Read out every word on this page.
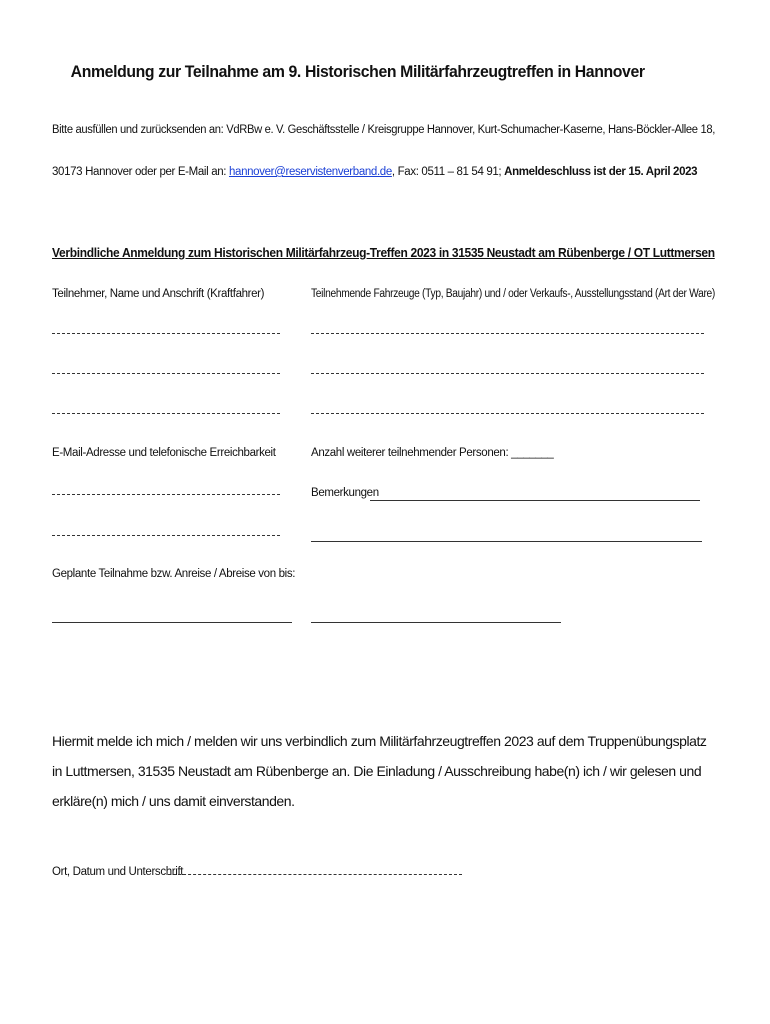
Anmeldung zur Teilnahme am 9. Historischen Militärfahrzeugtreffen in Hannover
Bitte ausfüllen und zurücksenden an: VdRBw e. V. Geschäftsstelle / Kreisgruppe Hannover, Kurt-Schumacher-Kaserne, Hans-Böckler-Allee 18,
30173 Hannover oder per E-Mail an: hannover@reservistenverband.de, Fax: 0511 – 81 54 91; Anmeldeschluss ist der 15. April 2023
Verbindliche Anmeldung zum Historischen Militärfahrzeug-Treffen 2023 in 31535 Neustadt am Rübenberge / OT Luttmersen
Teilnehmer, Name und Anschrift (Kraftfahrer)	Teilnehmende Fahrzeuge (Typ, Baujahr) und / oder Verkaufs-, Ausstellungsstand (Art der Ware)
E-Mail-Adresse und telefonische Erreichbarkeit	Anzahl weiterer teilnehmender Personen: _______
Bemerkungen
Geplante Teilnahme bzw. Anreise / Abreise von bis:
Hiermit melde ich mich / melden wir uns verbindlich zum Militärfahrzeugtreffen 2023 auf dem Truppenübungsplatz in Luttmersen, 31535 Neustadt am Rübenberge an. Die Einladung / Ausschreibung habe(n) ich / wir gelesen und erkläre(n) mich / uns damit einverstanden.
Ort, Datum und Unterschrift
